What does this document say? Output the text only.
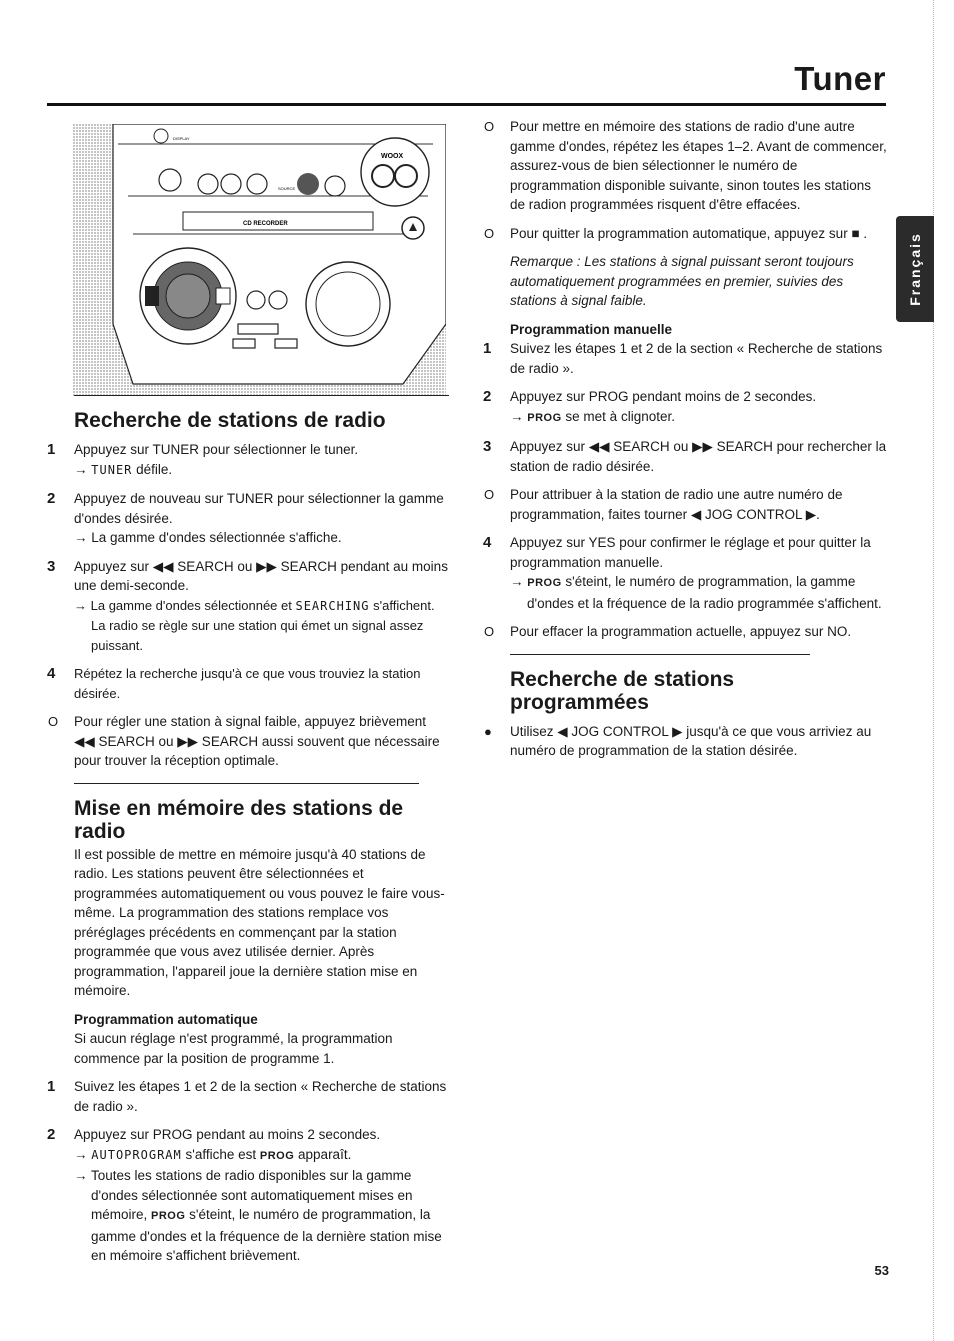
Tuner
Français
DISPLAY
SOURCE
WOOX
CD RECORDER
Recherche de stations de radio
1	Appuyez sur TUNER pour sélectionner le tuner.
→ TUNER défile.
2	Appuyez de nouveau sur TUNER pour sélectionner la gamme d'ondes désirée.
→ La gamme d'ondes sélectionnée s'affiche.
3	Appuyez sur ◀◀ SEARCH ou ▶▶ SEARCH pendant au moins une demi-seconde.
→ La gamme d'ondes sélectionnée et SEARCHING s'affichent. La radio se règle sur une station qui émet un signal assez puissant.
4	Répétez la recherche jusqu'à ce que vous trouviez la station désirée.
O Pour régler une station à signal faible, appuyez brièvement ◀◀ SEARCH ou ▶▶ SEARCH aussi souvent que nécessaire pour trouver la réception optimale.
Mise en mémoire des stations de radio
Il est possible de mettre en mémoire jusqu'à 40 stations de radio. Les stations peuvent être sélectionnées et programmées automatiquement ou vous pouvez le faire vous-même. La programmation des stations remplace vos préréglages précédents en commençant par la station programmée que vous avez utilisée dernier. Après programmation, l'appareil joue la dernière station mise en mémoire.
Programmation automatique
Si aucun réglage n'est programmé, la programmation commence par la position de programme 1.
1	Suivez les étapes 1 et 2 de la section « Recherche de stations de radio ».
2	Appuyez sur PROG pendant au moins 2 secondes.
→ AUTOPROGRAM s'affiche est PROG apparaît.
→ Toutes les stations de radio disponibles sur la gamme d'ondes sélectionnée sont automatiquement mises en mémoire, PROG s'éteint, le numéro de programmation, la gamme d'ondes et la fréquence de la dernière station mise en mémoire s'affichent brièvement.
O Pour mettre en mémoire des stations de radio d'une autre gamme d'ondes, répétez les étapes 1–2. Avant de commencer, assurez-vous de bien sélectionner le numéro de programmation disponible suivante, sinon toutes les stations de radion programmées risquent d'être effacées.
O Pour quitter la programmation automatique, appuyez sur ■ .
Remarque : Les stations à signal puissant seront toujours automatiquement programmées en premier, suivies des stations à signal faible.
Programmation manuelle
1	Suivez les étapes 1 et 2 de la section « Recherche de stations de radio ».
2	Appuyez sur PROG pendant moins de 2 secondes.
→ PROG se met à clignoter.
3	Appuyez sur ◀◀ SEARCH ou ▶▶ SEARCH pour rechercher la station de radio désirée.
O Pour attribuer à la station de radio une autre numéro de programmation, faites tourner ◀ JOG CONTROL ▶.
4	Appuyez sur YES pour confirmer le réglage et pour quitter la programmation manuelle.
→ PROG s'éteint, le numéro de programmation, la gamme d'ondes et la fréquence de la radio programmée s'affichent.
O Pour effacer la programmation actuelle, appuyez sur NO.
Recherche de stations programmées
● Utilisez ◀ JOG CONTROL ▶ jusqu'à ce que vous arriviez au numéro de programmation de la station désirée.
53
